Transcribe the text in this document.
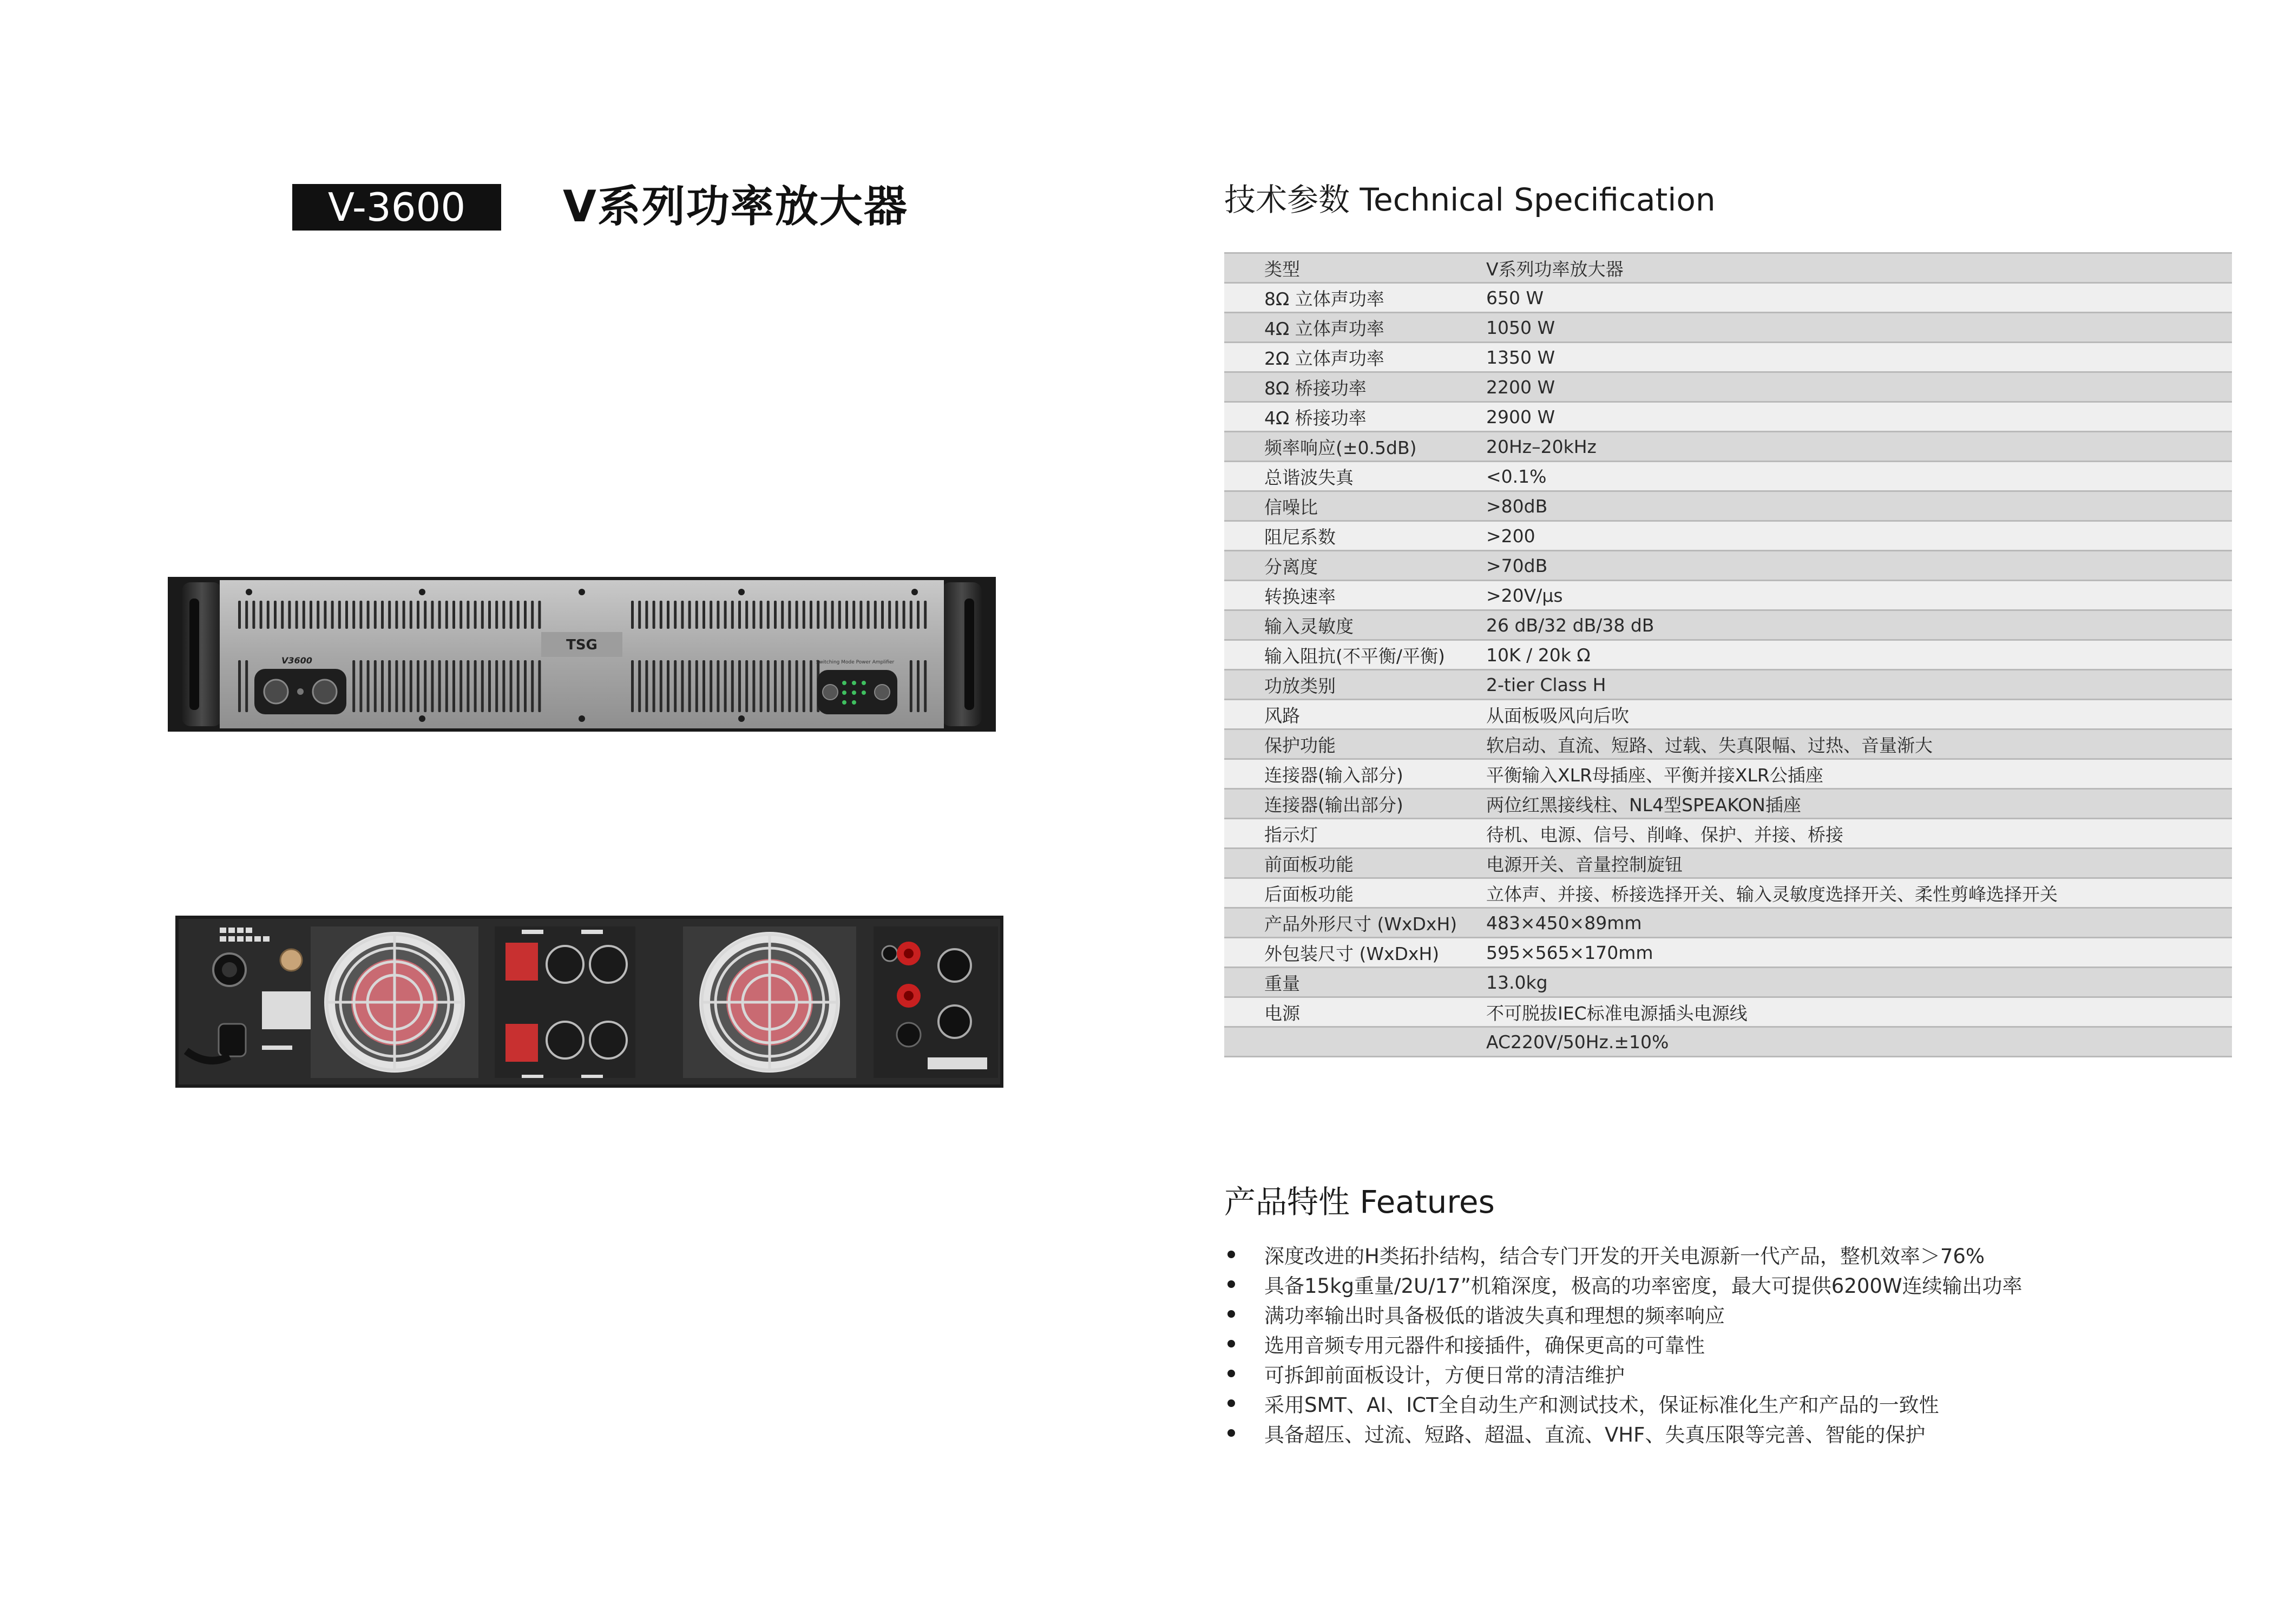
V-3600	V系列功率放大器
TSG
V3600	Switching Mode Power Amplifier
技术参数 Technical Specification
类型	V系列功率放大器
8Ω 立体声功率	650 W
4Ω 立体声功率	1050 W
2Ω 立体声功率	1350 W
8Ω 桥接功率	2200 W
4Ω 桥接功率	2900 W
频率响应(±0.5dB)	20Hz–20kHz
总谐波失真	<0.1%
信噪比	>80dB
阻尼系数	>200
分离度	>70dB
转换速率	>20V/μs
输入灵敏度	26 dB/32 dB/38 dB
输入阻抗(不平衡/平衡)	10K / 20k Ω
功放类别	2-tier Class H
风路	从面板吸风向后吹
保护功能	软启动、直流、短路、过载、失真限幅、过热、音量渐大
连接器(输入部分)	平衡输入XLR母插座、平衡并接XLR公插座
连接器(输出部分)	两位红黑接线柱、NL4型SPEAKON插座
指示灯	待机、电源、信号、削峰、保护、并接、桥接
前面板功能	电源开关、音量控制旋钮
后面板功能	立体声、并接、桥接选择开关、输入灵敏度选择开关、柔性剪峰选择开关
产品外形尺寸 (WxDxH)	483×450×89mm
外包装尺寸 (WxDxH)	595×565×170mm
重量	13.0kg
电源	不可脱拔IEC标准电源插头电源线
AC220V/50Hz.±10%
产品特性 Features
深度改进的H类拓扑结构，结合专门开发的开关电源新一代产品，整机效率＞76%
具备15kg重量/2U/17”机箱深度，极高的功率密度，最大可提供6200W连续输出功率
满功率输出时具备极低的谐波失真和理想的频率响应
选用音频专用元器件和接插件，确保更高的可靠性
可拆卸前面板设计，方便日常的清洁维护
采用SMT、AI、ICT全自动生产和测试技术，保证标准化生产和产品的一致性
具备超压、过流、短路、超温、直流、VHF、失真压限等完善、智能的保护
